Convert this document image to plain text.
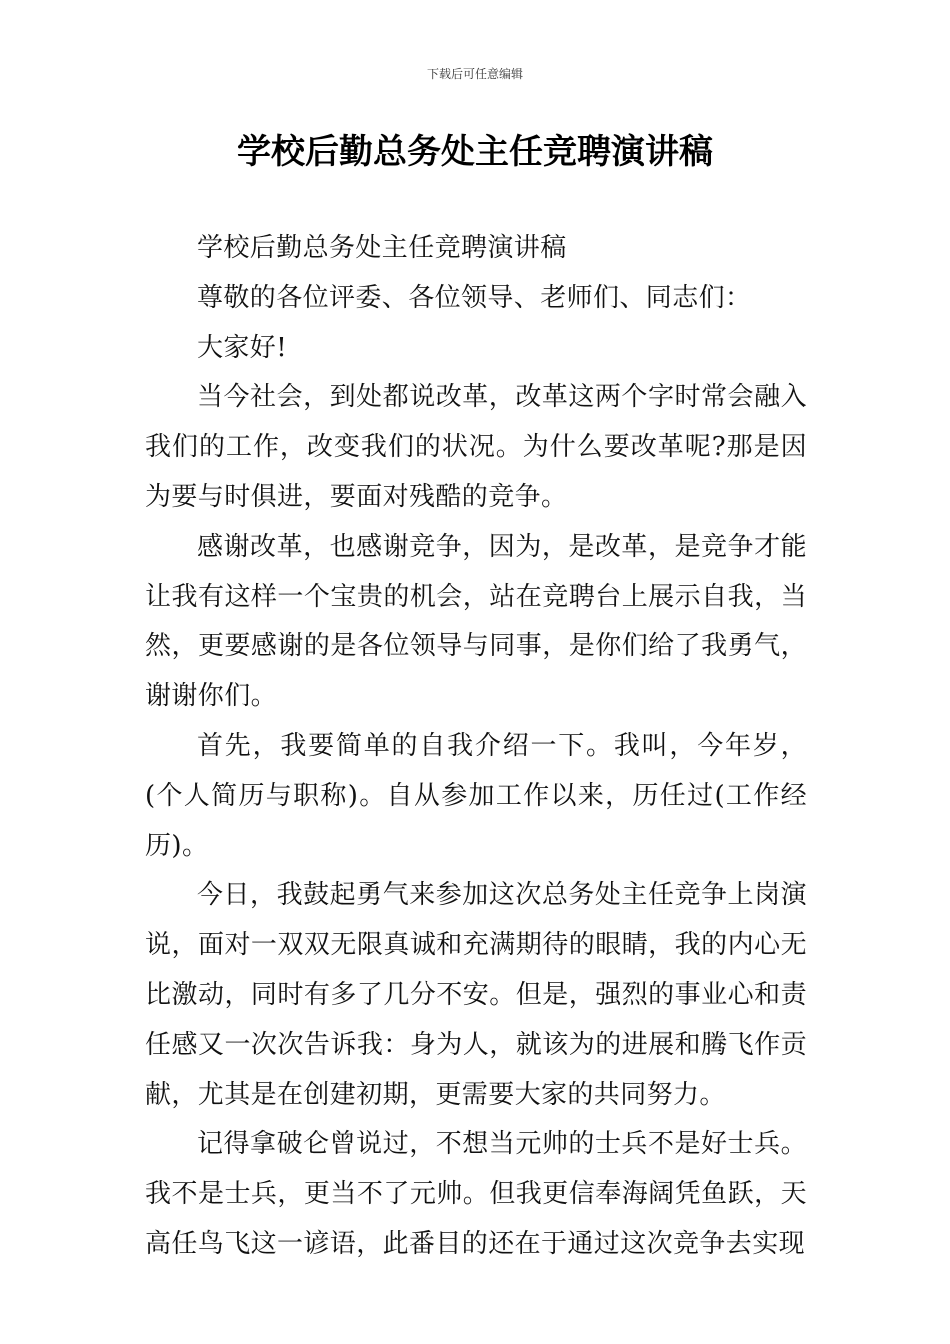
下载后可任意编辑
学校后勤总务处主任竞聘演讲稿

学校后勤总务处主任竞聘演讲稿

尊敬的各位评委、各位领导、老师们、同志们：

大家好!

当今社会，到处都说改革，改革这两个字时常会融入我们的工作，改变我们的状况。为什么要改革呢?那是因为要与时俱进，要面对残酷的竞争。

感谢改革，也感谢竞争，因为，是改革，是竞争才能让我有这样一个宝贵的机会，站在竞聘台上展示自我，当然，更要感谢的是各位领导与同事，是你们给了我勇气，谢谢你们。

首先，我要简单的自我介绍一下。我叫，今年岁，(个人简历与职称)。自从参加工作以来，历任过(工作经历)。

今日，我鼓起勇气来参加这次总务处主任竞争上岗演说，面对一双双无限真诚和充满期待的眼睛，我的内心无比激动，同时有多了几分不安。但是，强烈的事业心和责任感又一次次告诉我：身为人，就该为的进展和腾飞作贡献，尤其是在创建初期，更需要大家的共同努力。

记得拿破仑曾说过，不想当元帅的士兵不是好士兵。我不是士兵，更当不了元帅。但我更信奉海阔凭鱼跃，天高任鸟飞这一谚语，此番目的还在于通过这次竞争去实现
